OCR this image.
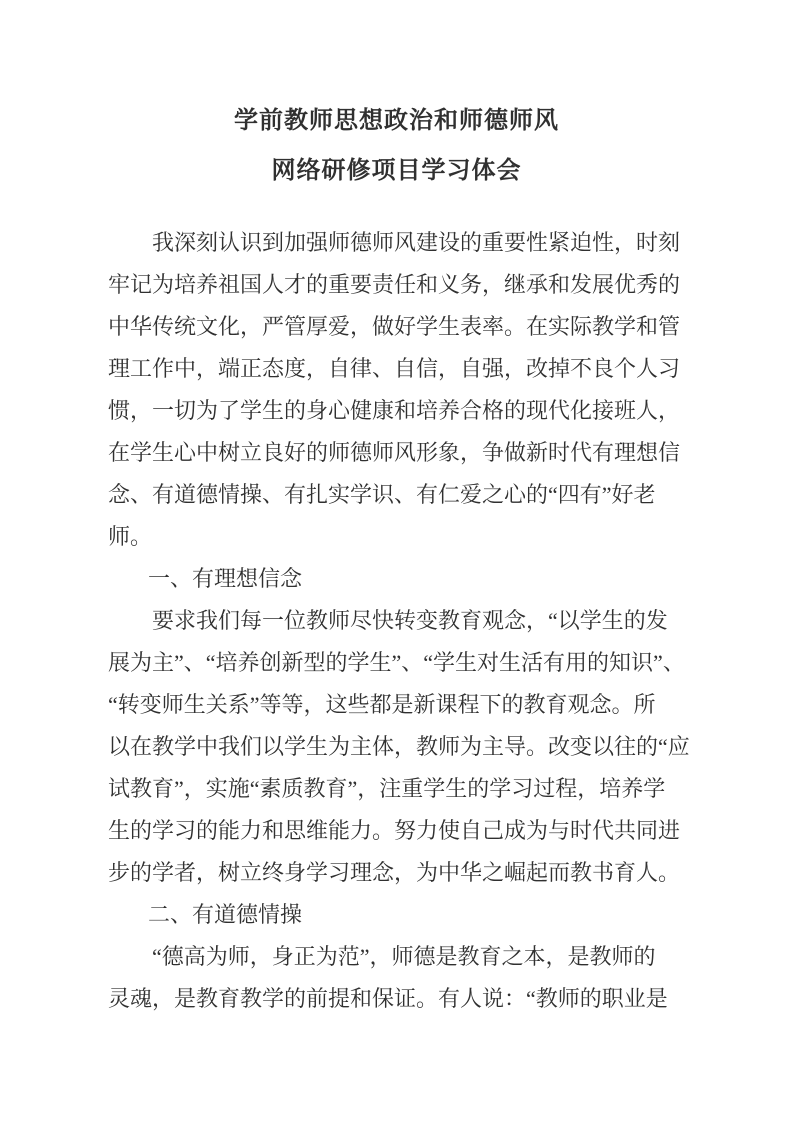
学前教师思想政治和师德师风
网络研修项目学习体会
我深刻认识到加强师德师风建设的重要性紧迫性，时刻
牢记为培养祖国人才的重要责任和义务，继承和发展优秀的
中华传统文化，严管厚爱，做好学生表率。在实际教学和管
理工作中，端正态度，自律、自信，自强，改掉不良个人习
惯，一切为了学生的身心健康和培养合格的现代化接班人，
在学生心中树立良好的师德师风形象，争做新时代有理想信
念、有道德情操、有扎实学识、有仁爱之心的“四有”好老
师。
一、有理想信念
要求我们每一位教师尽快转变教育观念，“以学生的发
展为主”、“培养创新型的学生”、“学生对生活有用的知识”、
“转变师生关系”等等，这些都是新课程下的教育观念。所
以在教学中我们以学生为主体，教师为主导。改变以往的“应
试教育”，实施“素质教育”，注重学生的学习过程，培养学
生的学习的能力和思维能力。努力使自己成为与时代共同进
步的学者，树立终身学习理念，为中华之崛起而教书育人。
二、有道德情操
“德高为师，身正为范”，师德是教育之本，是教师的
灵魂，是教育教学的前提和保证。有人说：“教师的职业是
